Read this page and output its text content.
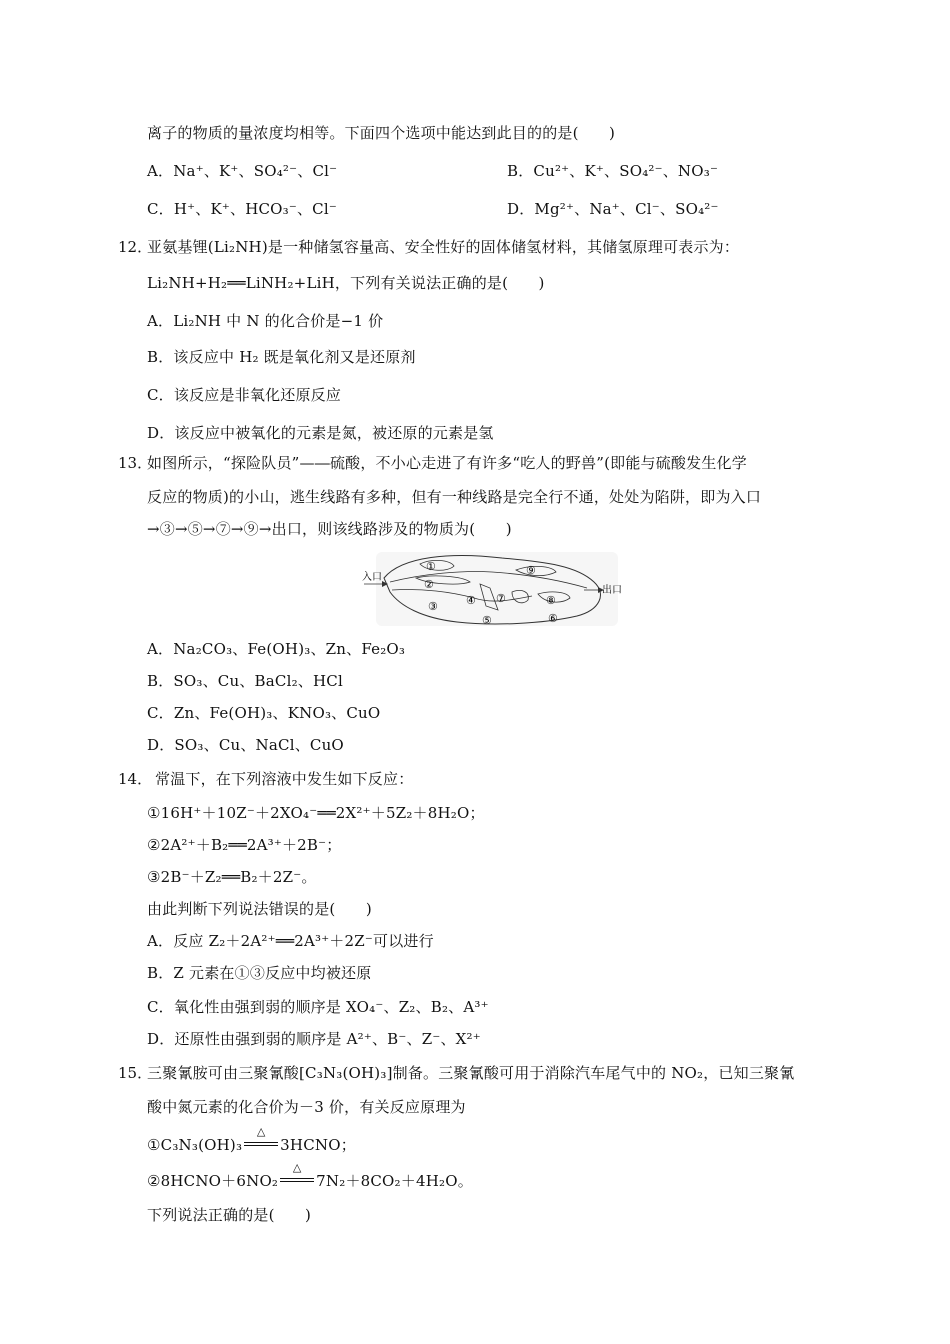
离子的物质的量浓度均相等。下面四个选项中能达到此目的的是(　　)
A．Na⁺、K⁺、SO₄²⁻、Cl⁻	B．Cu²⁺、K⁺、SO₄²⁻、NO₃⁻
C．H⁺、K⁺、HCO₃⁻、Cl⁻	D．Mg²⁺、Na⁺、Cl⁻、SO₄²⁻
12．
亚氨基锂(Li₂NH)是一种储氢容量高、安全性好的固体储氢材料，其储氢原理可表示为：
Li₂NH+H₂══LiNH₂+LiH，下列有关说法正确的是(　　)
A．Li₂NH 中 N 的化合价是−1 价
B．该反应中 H₂ 既是氧化剂又是还原剂
C．该反应是非氧化还原反应
D．该反应中被氧化的元素是氮，被还原的元素是氢
13．
如图所示，“探险队员”—―硫酸，不小心走进了有许多“吃人的野兽”(即能与硫酸发生化学
反应的物质)的小山，逃生线路有多种，但有一种线路是完全行不通，处处为陷阱，即为入口
→③→⑤→⑦→⑨→出口，则该线路涉及的物质为(　　)
入口
出口
①
②
③	④
⑤	⑥
⑦	⑧
⑨
A．Na₂CO₃、Fe(OH)₃、Zn、Fe₂O₃
B．SO₃、Cu、BaCl₂、HCl
C．Zn、Fe(OH)₃、KNO₃、CuO
D．SO₃、Cu、NaCl、CuO
14． 常温下，在下列溶液中发生如下反应：
①16H⁺＋10Z⁻＋2XO₄⁻══2X²⁺＋5Z₂＋8H₂O；
②2A²⁺＋B₂══2A³⁺＋2B⁻；
③2B⁻＋Z₂══B₂＋2Z⁻。
由此判断下列说法错误的是(　　)
A．反应 Z₂＋2A²⁺══2A³⁺＋2Z⁻可以进行
B．Z 元素在①③反应中均被还原
C．氧化性由强到弱的顺序是 XO₄⁻、Z₂、B₂、A³⁺
D．还原性由强到弱的顺序是 A²⁺、B⁻、Z⁻、X²⁺
15．
三聚氰胺可由三聚氰酸[C₃N₃(OH)₃]制备。三聚氰酸可用于消除汽车尾气中的 NO₂，已知三聚氰
酸中氮元素的化合价为－3 价，有关反应原理为
①C₃N₃(OH)₃
△
3HCNO；
②8HCNO＋6NO₂
△
7N₂＋8CO₂＋4H₂O。
下列说法正确的是(　　)
